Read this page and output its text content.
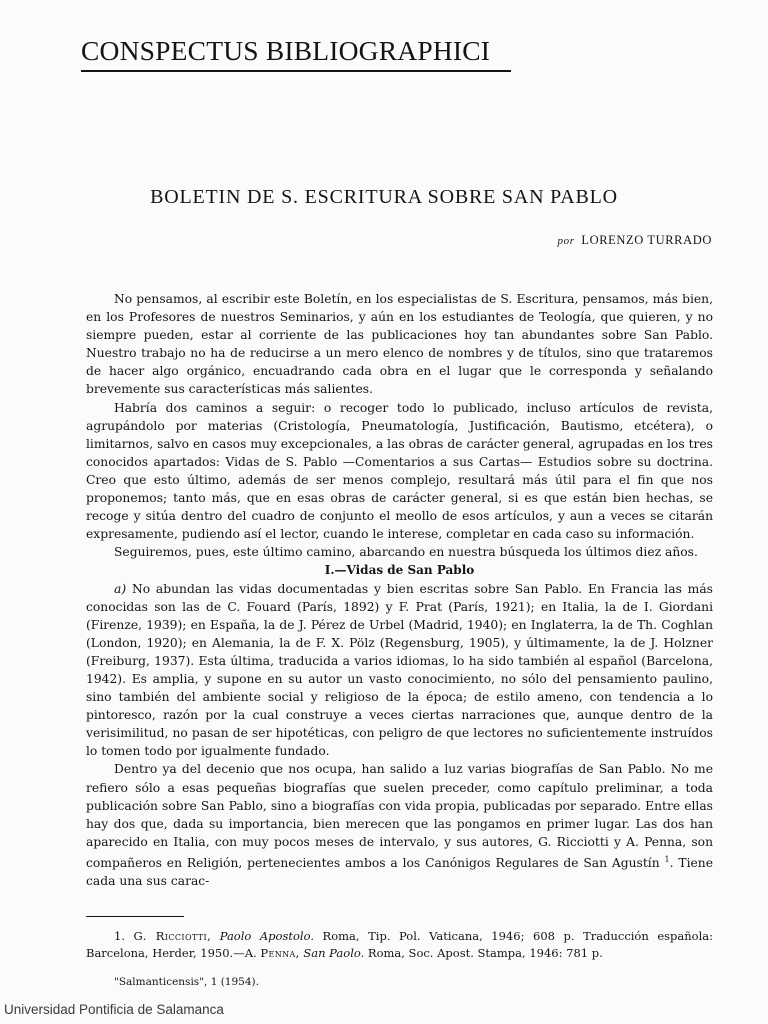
CONSPECTUS BIBLIOGRAPHICI
BOLETIN DE S. ESCRITURA SOBRE SAN PABLO
por LORENZO TURRADO

No pensamos, al escribir este Boletín, en los especialistas de S. Escritura, pensamos, más bien, en los Profesores de nuestros Seminarios, y aún en los estudiantes de Teología, que quieren, y no siempre pueden, estar al corriente de las publicaciones hoy tan abundantes sobre San Pablo. Nuestro trabajo no ha de reducirse a un mero elenco de nombres y de títulos, sino que trataremos de hacer algo orgánico, encuadrando cada obra en el lugar que le corresponda y señalando brevemente sus características más salientes.

Habría dos caminos a seguir: o recoger todo lo publicado, incluso artículos de revista, agrupándolo por materias (Cristología, Pneumatología, Justificación, Bautismo, etcétera), o limitarnos, salvo en casos muy excepcionales, a las obras de carácter general, agrupadas en los tres conocidos apartados: Vidas de S. Pablo —Comentarios a sus Cartas— Estudios sobre su doctrina. Creo que esto último, además de ser menos complejo, resultará más útil para el fin que nos proponemos; tanto más, que en esas obras de carácter general, si es que están bien hechas, se recoge y sitúa dentro del cuadro de conjunto el meollo de esos artículos, y aun a veces se citarán expresamente, pudiendo así el lector, cuando le interese, completar en cada caso su información.

Seguiremos, pues, este último camino, abarcando en nuestra búsqueda los últimos diez años.

I.—Vidas de San Pablo

a) No abundan las vidas documentadas y bien escritas sobre San Pablo. En Francia las más conocidas son las de C. Fouard (París, 1892) y F. Prat (París, 1921); en Italia, la de I. Giordani (Firenze, 1939); en España, la de J. Pérez de Urbel (Madrid, 1940); en Inglaterra, la de Th. Coghlan (London, 1920); en Alemania, la de F. X. Pölz (Regensburg, 1905), y últimamente, la de J. Holzner (Freiburg, 1937). Esta última, traducida a varios idiomas, lo ha sido también al español (Barcelona, 1942). Es amplia, y supone en su autor un vasto conocimiento, no sólo del pensamiento paulino, sino también del ambiente social y religioso de la época; de estilo ameno, con tendencia a lo pintoresco, razón por la cual construye a veces ciertas narraciones que, aunque dentro de la verisimilitud, no pasan de ser hipotéticas, con peligro de que lectores no suficientemente instruídos lo tomen todo por igualmente fundado.

Dentro ya del decenio que nos ocupa, han salido a luz varias biografías de San Pablo. No me refiero sólo a esas pequeñas biografías que suelen preceder, como capítulo preliminar, a toda publicación sobre San Pablo, sino a biografías con vida propia, publicadas por separado. Entre ellas hay dos que, dada su importancia, bien merecen que las pongamos en primer lugar. Las dos han aparecido en Italia, con muy pocos meses de intervalo, y sus autores, G. Ricciotti y A. Penna, son compañeros en Religión, pertenecientes ambos a los Canónigos Regulares de San Agustín $^1$. Tiene cada una sus carac-

1. G. Ricciotti, Paolo Apostolo. Roma, Tip. Pol. Vaticana, 1946; 608 p. Traducción española: Barcelona, Herder, 1950.—A. Penna, San Paolo. Roma, Soc. Apost. Stampa, 1946: 781 p.

"Salmanticensis", 1 (1954).
Universidad Pontificia de Salamanca
